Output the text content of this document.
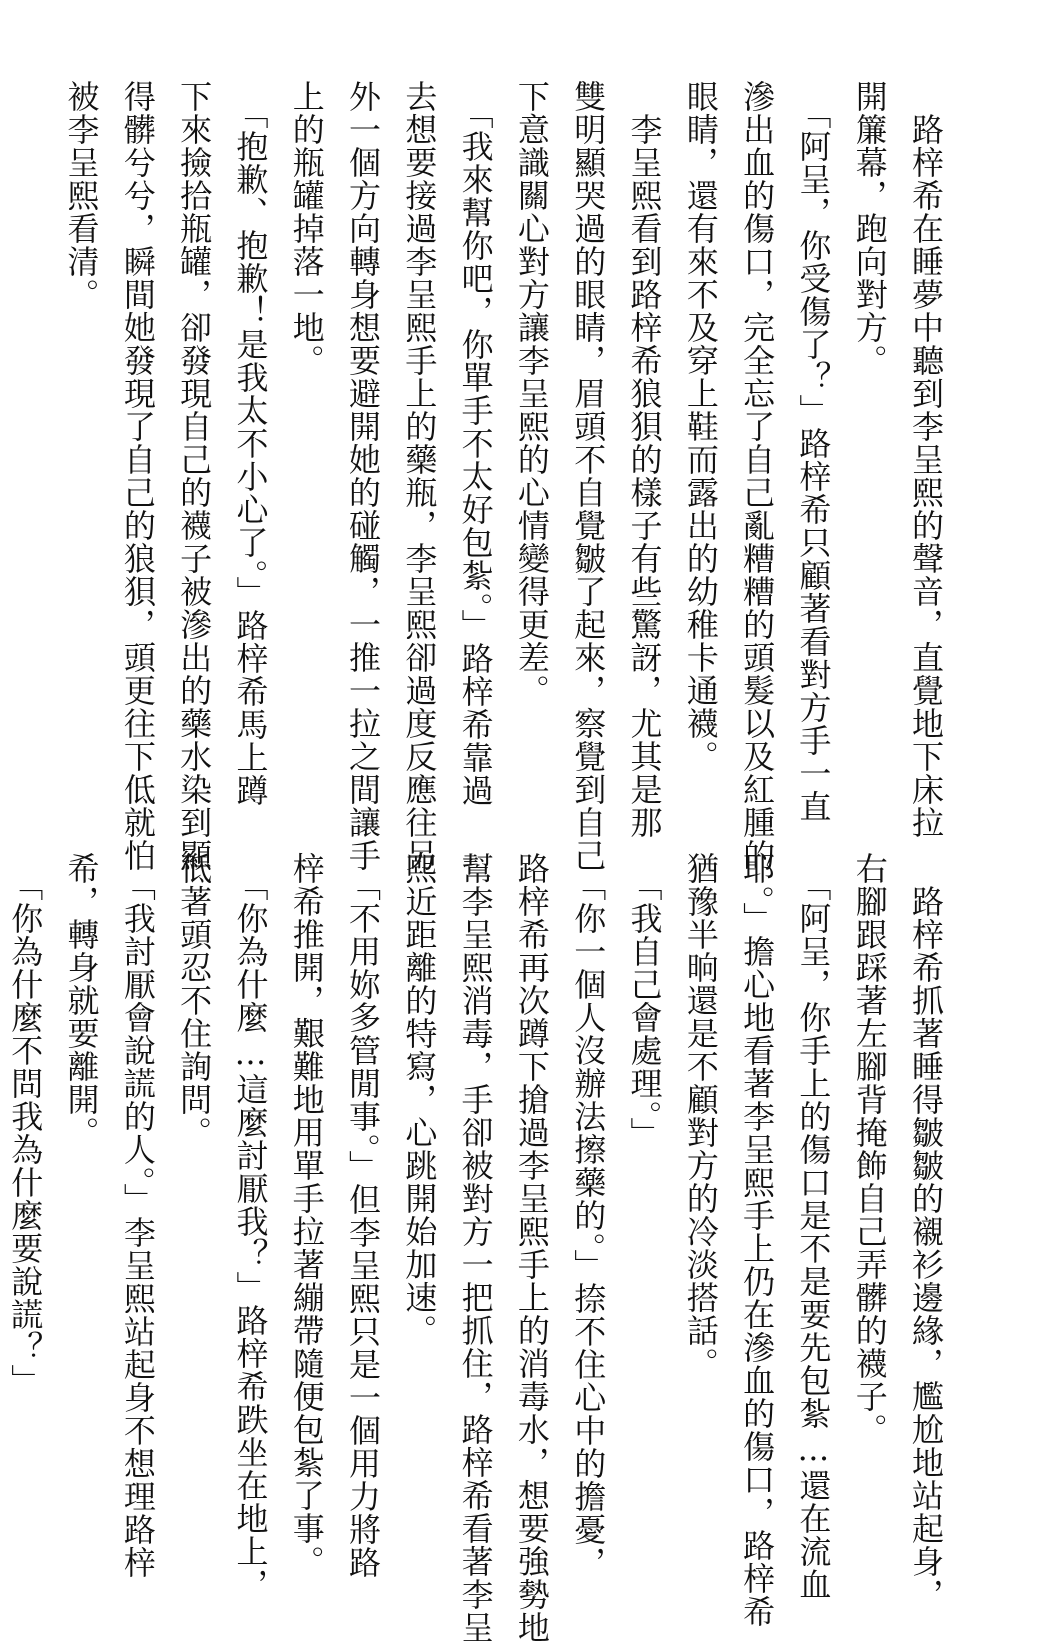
　路梓希在睡夢中聽到李呈熙的聲音，直覺地下床拉
開簾幕，跑向對方。
　「阿呈，你受傷了？」路梓希只顧著看對方手一直
滲出血的傷口，完全忘了自己亂糟糟的頭髮以及紅腫的
眼睛，還有來不及穿上鞋而露出的幼稚卡通襪。
　李呈熙看到路梓希狼狽的樣子有些驚訝，尤其是那
雙明顯哭過的眼睛，眉頭不自覺皺了起來，察覺到自己
下意識關心對方讓李呈熙的心情變得更差。
　「我來幫你吧，你單手不太好包紮。」路梓希靠過
去想要接過李呈熙手上的藥瓶，李呈熙卻過度反應往另
外一個方向轉身想要避開她的碰觸，一推一拉之間讓手
上的瓶罐掉落一地。
　「抱歉、抱歉！是我太不小心了。」路梓希馬上蹲
下來撿拾瓶罐，卻發現自己的襪子被滲出的藥水染到顯
得髒兮兮，瞬間她發現了自己的狼狽，頭更往下低就怕
被李呈熙看清。

　路梓希抓著睡得皺皺的襯衫邊緣，尷尬地站起身，
右腳跟踩著左腳背掩飾自己弄髒的襪子。
　「阿呈，你手上的傷口是不是要先包紮…還在流血
耶。」擔心地看著李呈熙手上仍在滲血的傷口，路梓希
猶豫半晌還是不顧對方的冷淡搭話。
　「我自己會處理。」
　「你一個人沒辦法擦藥的。」捺不住心中的擔憂，
路梓希再次蹲下搶過李呈熙手上的消毒水，想要強勢地
幫李呈熙消毒，手卻被對方一把抓住，路梓希看著李呈
熙近距離的特寫，心跳開始加速。
　「不用妳多管閒事。」但李呈熙只是一個用力將路
梓希推開，艱難地用單手拉著繃帶隨便包紮了事。
　「你為什麼…這麼討厭我？」路梓希跌坐在地上，
低著頭忍不住詢問。
　「我討厭會說謊的人。」李呈熙站起身不想理路梓
希，轉身就要離開。
　「你為什麼不問我為什麼要說謊？」
